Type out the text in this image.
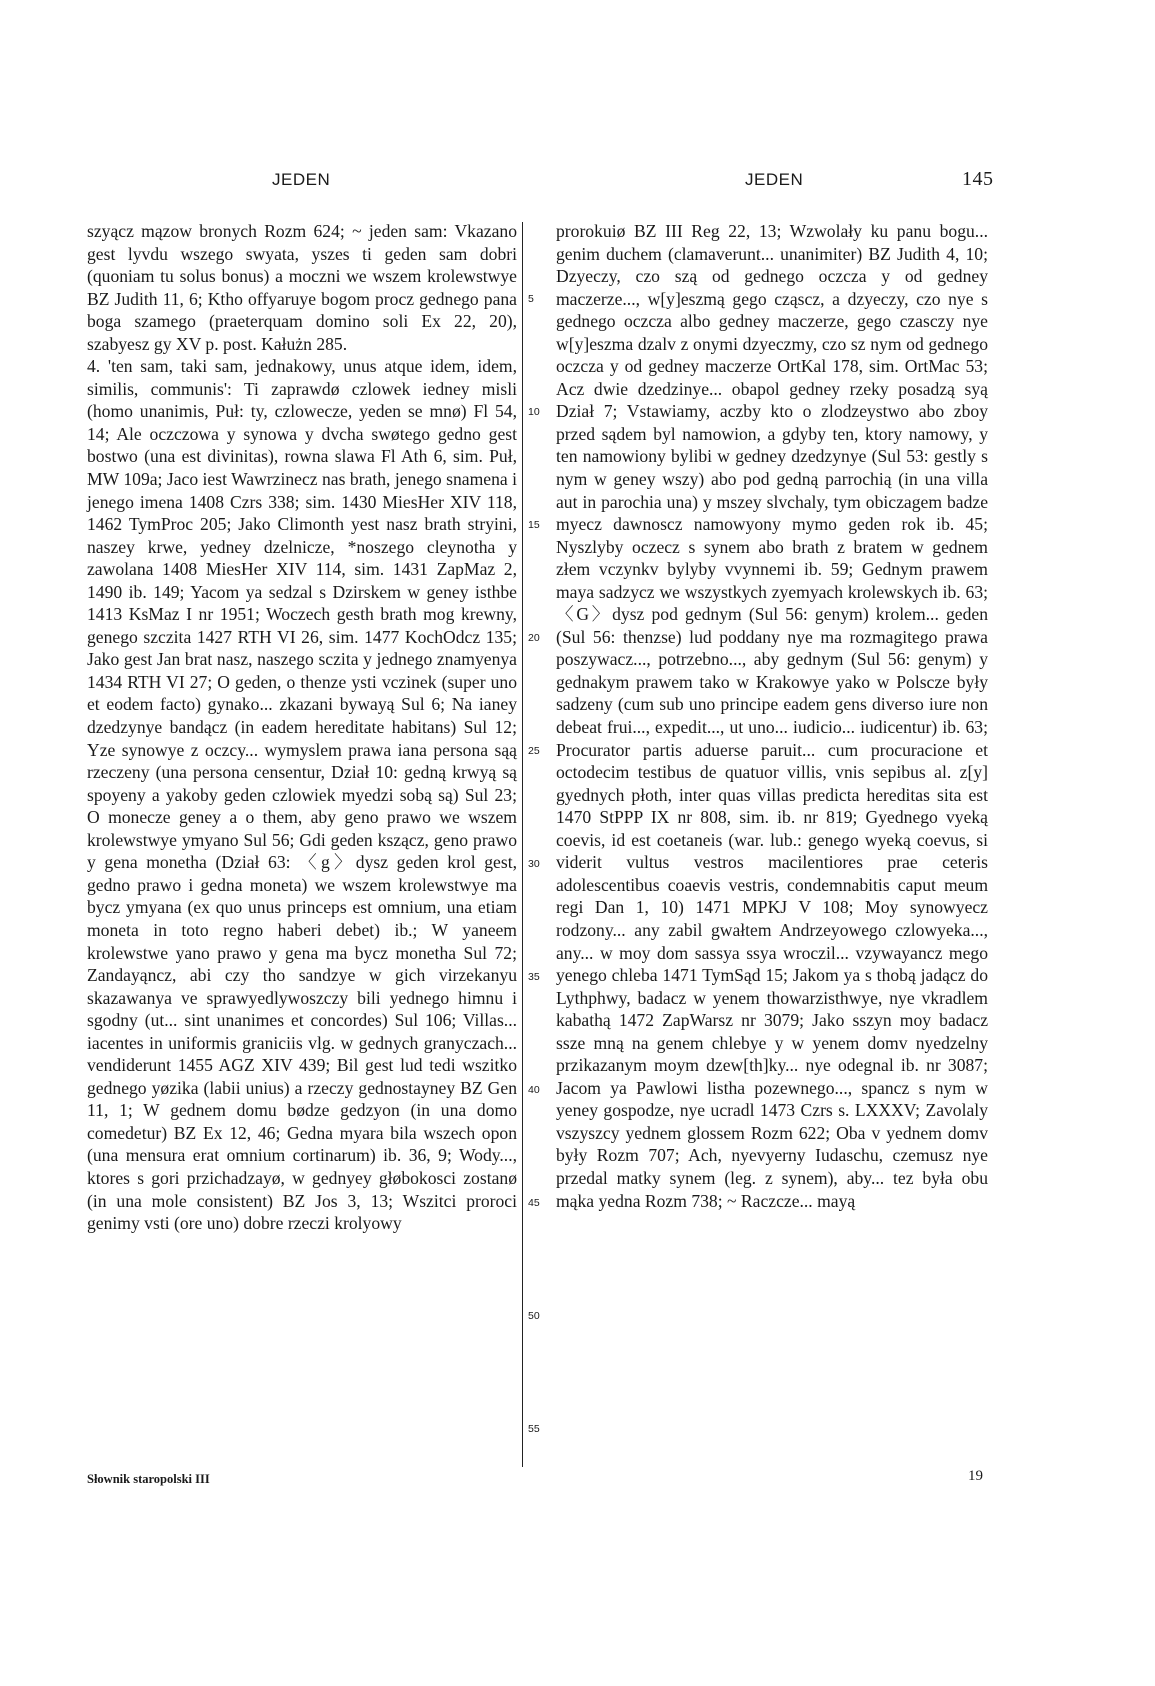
JEDEN	JEDEN	145

szyącz mązow bronych Rozm 624; ~ jeden sam: Vkazano gest lyvdu wszego swyata, yszes ti geden sam dobri (quoniam tu solus bonus) a moczni we wszem krolewstwye BZ Judith 11, 6; Ktho offyaruye bogom procz gednego pana boga szamego (praeterquam domino soli Ex 22, 20), szabyesz gy XV p. post. Kałużn 285.

4. 'ten sam, taki sam, jednakowy, unus atque idem, idem, similis, communis': Ti zaprawdø czlowek iedney misli (homo unanimis, Puł: ty, czlowecze, yeden se mnø) Fl 54, 14; Ale oczczowa y synowa y dvcha swøtego gedno gest bostwo (una est divinitas), rowna slawa Fl Ath 6, sim. Puł, MW 109a; Jaco iest Wawrzinecz nas brath, jenego snamena i jenego imena 1408 Czrs 338; sim. 1430 MiesHer XIV 118, 1462 TymProc 205; Jako Climonth yest nasz brath stryini, naszey krwe, yedney dzelnicze, *noszego cleynotha y zawolana 1408 MiesHer XIV 114, sim. 1431 ZapMaz 2, 1490 ib. 149; Yacom ya sedzal s Dzirskem w geney isthbe 1413 KsMaz I nr 1951; Woczech gesth brath mog krewny, genego szczita 1427 RTH VI 26, sim. 1477 KochOdcz 135; Jako gest Jan brat nasz, naszego sczita y jednego znamyenya 1434 RTH VI 27; O geden, o thenze ysti vczinek (super uno et eodem facto) gynako... zkazani bywayą Sul 6; Na ianey dzedzynye bandącz (in eadem hereditate habitans) Sul 12; Yze synowye z oczcy... wymyslem prawa iana persona sąą rzeczeny (una persona censentur, Dział 10: gedną krwyą są spoyeny a yakoby geden czlowiek myedzi sobą są) Sul 23; O monecze geney a o them, aby geno prawo we wszem krolewstwye ymyano Sul 56; Gdi geden kszącz, geno prawo y gena monetha (Dział 63: 〈g〉dysz geden krol gest, gedno prawo i gedna moneta) we wszem krolewstwye ma bycz ymyana (ex quo unus princeps est omnium, una etiam moneta in toto regno haberi debet) ib.; W yaneem krolewstwe yano prawo y gena ma bycz monetha Sul 72; Zandayąncz, abi czy tho sandzye w gich virzekanyu skazawanya ve sprawyedlywoszczy bili yednego himnu i sgodny (ut... sint unanimes et concordes) Sul 106; Villas... iacentes in uniformis graniciis vlg. w gednych granyczach... vendiderunt 1455 AGZ XIV 439; Bil gest lud tedi wszitko gednego yøzika (labii unius) a rzeczy gednostayney BZ Gen 11, 1; W gednem domu bødze gedzyon (in una domo comedetur) BZ Ex 12, 46; Gedna myara bila wszech opon (una mensura erat omnium cortinarum) ib. 36, 9; Wody..., ktores s gori przichadzayø, w gednyey głøbokosci zostanø (in una mole consistent) BZ Jos 3, 13; Wszitci proroci genimy vsti (ore uno) dobre rzeczi krolyowy

5
10
15
20
25
30
35
40
45
50
55

prorokuiø BZ III Reg 22, 13; Wzwolały ku panu bogu... genim duchem (clamaverunt... unanimiter) BZ Judith 4, 10; Dzyeczy, czo szą od gednego oczcza y od gedney maczerze..., w[y]eszmą gego cząscz, a dzyeczy, czo nye s gednego oczcza albo gedney maczerze, gego czasczy nye w[y]eszma dzalv z onymi dzyeczmy, czo sz nym od gednego oczcza y od gedney maczerze OrtKal 178, sim. OrtMac 53; Acz dwie dzedzinye... obapol gedney rzeky posadzą syą Dział 7; Vstawiamy, aczby kto o zlodzeystwo abo zboy przed sądem byl namowion, a gdyby ten, ktory namowy, y ten namowiony bylibi w gedney dzedzynye (Sul 53: gestly s nym w geney wszy) abo pod gedną parrochią (in una villa aut in parochia una) y mszey slvchaly, tym obiczagem badze myecz dawnoscz namowyony mymo geden rok ib. 45; Nyszlyby oczecz s synem abo brath z bratem w gednem złem vczynkv bylyby vvynnemi ib. 59; Gednym prawem maya sadzycz we wszystkych zyemyach krolewskych ib. 63; 〈G〉dysz pod gednym (Sul 56: genym) krolem... geden (Sul 56: thenzse) lud poddany nye ma rozmagitego prawa poszywacz..., potrzebno..., aby gednym (Sul 56: genym) y gednakym prawem tako w Krakowye yako w Polscze były sadzeny (cum sub uno principe eadem gens diverso iure non debeat frui..., expedit..., ut uno... iudicio... iudicentur) ib. 63; Procurator partis aduerse paruit... cum procuracione et octodecim testibus de quatuor villis, vnis sepibus al. z[y] gyednych płoth, inter quas villas predicta hereditas sita est 1470 StPPP IX nr 808, sim. ib. nr 819; Gyednego vyeką coevis, id est coetaneis (war. lub.: genego wyeką coevus, si viderit vultus vestros macilentiores prae ceteris adolescentibus coaevis vestris, condemnabitis caput meum regi Dan 1, 10) 1471 MPKJ V 108; Moy synowyecz rodzony... any zabil gwałtem Andrzeyowego czlowyeka..., any... w moy dom sassya ssya wroczil... vzywayancz mego yenego chleba 1471 TymSąd 15; Jakom ya s thobą jadącz do Lythphwy, badacz w yenem thowarzisthwye, nye vkradlem kabathą 1472 ZapWarsz nr 3079; Jako sszyn moy badacz ssze mną na genem chlebye y w yenem domv nyedzelny przikazanym moym dzew[th]ky... nye odegnal ib. nr 3087; Jacom ya Pawlowi listha pozewnego..., spancz s nym w yeney gospodze, nye ucradl 1473 Czrs s. LXXXV; Zavolaly vszyszcy yednem glossem Rozm 622; Oba v yednem domv były Rozm 707; Ach, nyevyerny Iudaschu, czemusz nye przedal matky synem (leg. z synem), aby... tez była obu mąka yedna Rozm 738; ~ Raczcze... mayą

Słownik staropolski III	19
